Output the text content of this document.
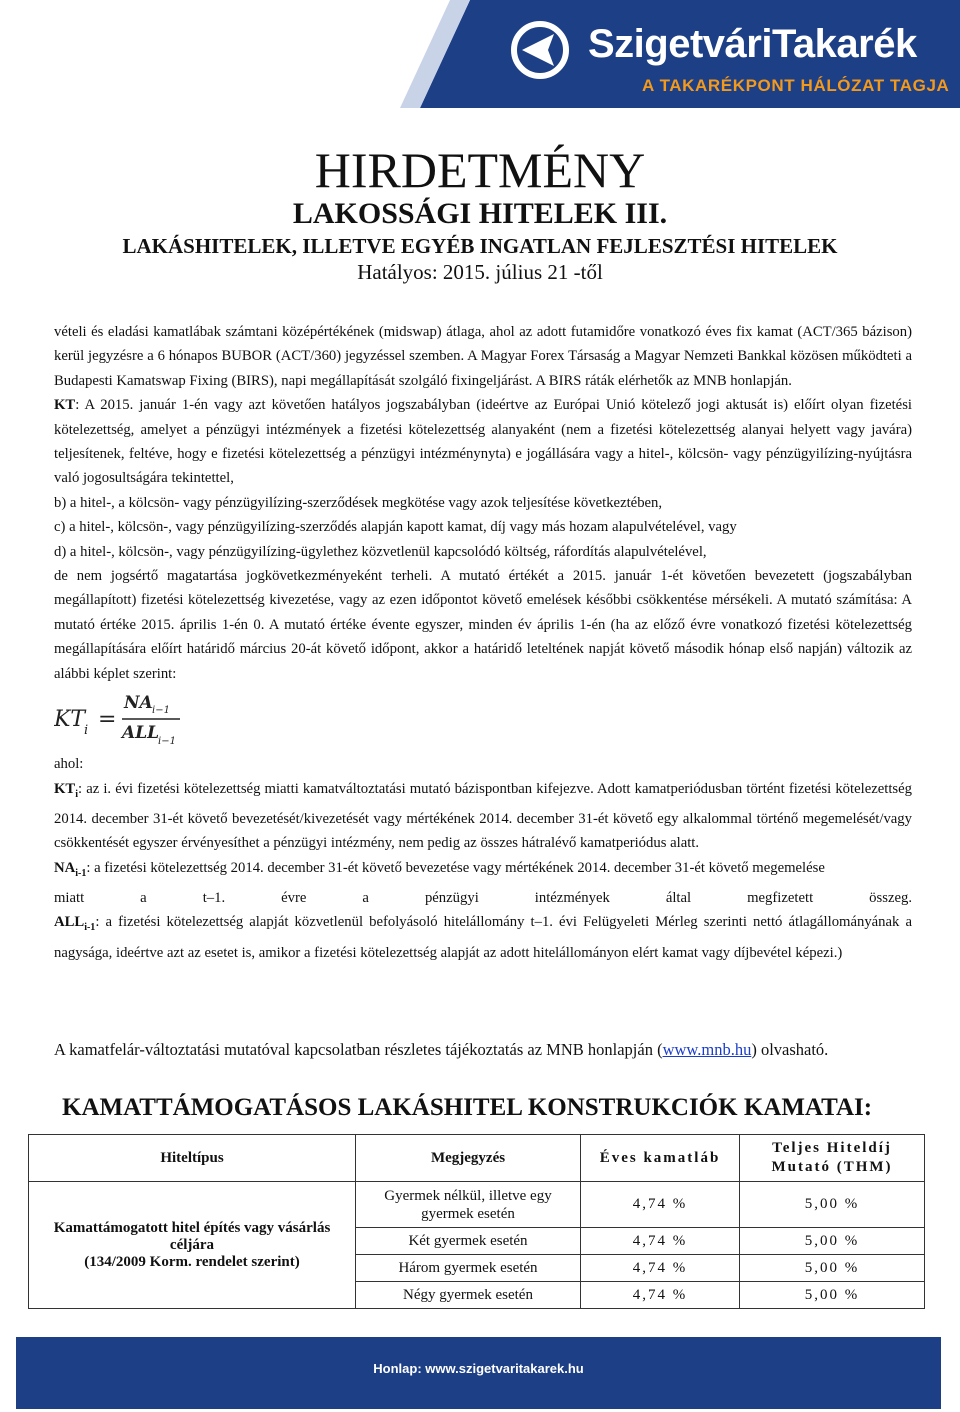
SzigetváriTakarék
A TAKARÉKPONT HÁLÓZAT TAGJA
HIRDETMÉNY
LAKOSSÁGI HITELEK III.
LAKÁSHITELEK, ILLETVE EGYÉB INGATLAN FEJLESZTÉSI HITELEK
Hatályos: 2015. július 21 -től

vételi és eladási kamatlábak számtani középértékének (midswap) átlaga, ahol az adott futamidőre vonatkozó éves fix kamat (ACT/365 bázison) kerül jegyzésre a 6 hónapos BUBOR (ACT/360) jegyzéssel szemben. A Magyar Forex Társaság a Magyar Nemzeti Bankkal közösen működteti a Budapesti Kamatswap Fixing (BIRS), napi megállapítását szolgáló fixingeljárást. A BIRS ráták elérhetők az MNB honlapján.

KT: A 2015. január 1-én vagy azt követően hatályos jogszabályban (ideértve az Európai Unió kötelező jogi aktusát is) előírt olyan fizetési kötelezettség, amelyet a pénzügyi intézmények a fizetési kötelezettség alanyaként (nem a fizetési kötelezettség alanyai helyett vagy javára) teljesítenek, feltéve, hogy e fizetési kötelezettség a pénzügyi intézménynyta) e jogállására vagy a hitel-, kölcsön- vagy pénzügyilízing-nyújtásra való jogosultságára tekintettel,

b) a hitel-, a kölcsön- vagy pénzügyilízing-szerződések megkötése vagy azok teljesítése következtében,

c) a hitel-, kölcsön-, vagy pénzügyilízing-szerződés alapján kapott kamat, díj vagy más hozam alapulvételével, vagy

d) a hitel-, kölcsön-, vagy pénzügyilízing-ügylethez közvetlenül kapcsolódó költség, ráfordítás alapulvételével,

de nem jogsértő magatartása jogkövetkezményeként terheli. A mutató értékét a 2015. január 1-ét követően bevezetett (jogszabályban megállapított) fizetési kötelezettség kivezetése, vagy az ezen időpontot követő emelések későbbi csökkentése mérsékeli. A mutató számítása: A mutató értéke 2015. április 1-én 0. A mutató értéke évente egyszer, minden év április 1-én (ha az előző évre vonatkozó fizetési kötelezettség megállapítására előírt határidő március 20-át követő időpont, akkor a határidő leteltének napját követő második hónap első napján) változik az alábbi képlet szerint:

KT
i =
NA i−1
ALL
i−1

ahol:

$KT_i$: az i. évi fizetési kötelezettség miatti kamatváltoztatási mutató bázispontban kifejezve. Adott kamatperiódusban történt fizetési kötelezettség 2014. december 31-ét követő bevezetését/kivezetését vagy mértékének 2014. december 31-ét követő egy alkalommal történő megemelését/vagy csökkentését egyszer érvényesíthet a pénzügyi intézmény, nem pedig az összes hátralévő kamatperiódus alatt.

$NA_{i-1}$: a fizetési kötelezettség 2014. december 31-ét követő bevezetése vagy mértékének 2014. december 31-ét követő megemelése

miatt a t–1. évre a pénzügyi intézmények által megfizetett összeg.

$ALL_{i-1}$: a fizetési kötelezettség alapját közvetlenül befolyásoló hitelállomány t–1. évi Felügyeleti Mérleg szerinti nettó átlagállományának a nagysága, ideértve azt az esetet is, amikor a fizetési kötelezettség alapját az adott hitelállományon elért kamat vagy díjbevétel képezi.)

A kamatfelár-változtatási mutatóval kapcsolatban részletes tájékoztatás az MNB honlapján (www.mnb.hu) olvasható.
KAMATTÁMOGATÁSOS LAKÁSHITEL KONSTRUKCIÓK KAMATAI:
Hiteltípus	Megjegyzés	Éves kamatláb	Teljes Hiteldíj Mutató (THM)

Kamattámogatott hitel építés vagy vásárlás céljára
(134/2009 Korm. rendelet szerint)	Gyermek nélkül, illetve egy gyermek esetén	4,74 %	5,00 %
	Két gyermek esetén	4,74 %	5,00 %
	Három gyermek esetén	4,74 %	5,00 %
	Négy gyermek esetén	4,74 %	5,00 %
Honlap: www.szigetvaritakarek.hu
